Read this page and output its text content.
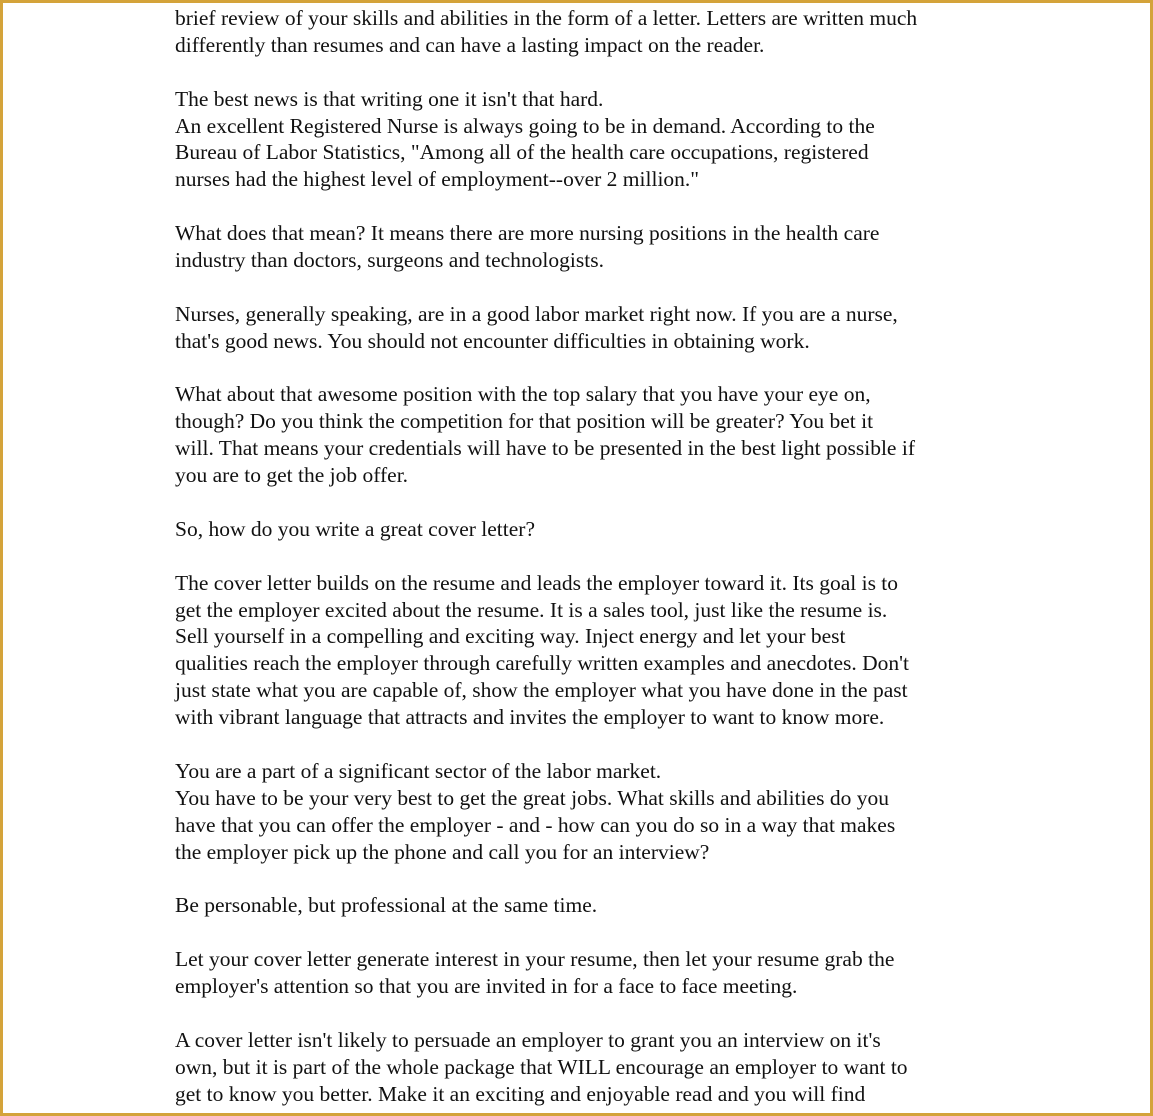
brief review of your skills and abilities in the form of a letter. Letters are written much
differently than resumes and can have a lasting impact on the reader.
The best news is that writing one it isn't that hard.
An excellent Registered Nurse is always going to be in demand. According to the
Bureau of Labor Statistics, "Among all of the health care occupations, registered
nurses had the highest level of employment--over 2 million."
What does that mean? It means there are more nursing positions in the health care
industry than doctors, surgeons and technologists.
Nurses, generally speaking, are in a good labor market right now. If you are a nurse,
that's good news. You should not encounter difficulties in obtaining work.
What about that awesome position with the top salary that you have your eye on,
though? Do you think the competition for that position will be greater? You bet it
will. That means your credentials will have to be presented in the best light possible if
you are to get the job offer.
So, how do you write a great cover letter?
The cover letter builds on the resume and leads the employer toward it. Its goal is to
get the employer excited about the resume. It is a sales tool, just like the resume is.
Sell yourself in a compelling and exciting way. Inject energy and let your best
qualities reach the employer through carefully written examples and anecdotes. Don't
just state what you are capable of, show the employer what you have done in the past
with vibrant language that attracts and invites the employer to want to know more.
You are a part of a significant sector of the labor market.
You have to be your very best to get the great jobs. What skills and abilities do you
have that you can offer the employer - and - how can you do so in a way that makes
the employer pick up the phone and call you for an interview?
Be personable, but professional at the same time.
Let your cover letter generate interest in your resume, then let your resume grab the
employer's attention so that you are invited in for a face to face meeting.
A cover letter isn't likely to persuade an employer to grant you an interview on it's
own, but it is part of the whole package that WILL encourage an employer to want to
get to know you better. Make it an exciting and enjoyable read and you will find
